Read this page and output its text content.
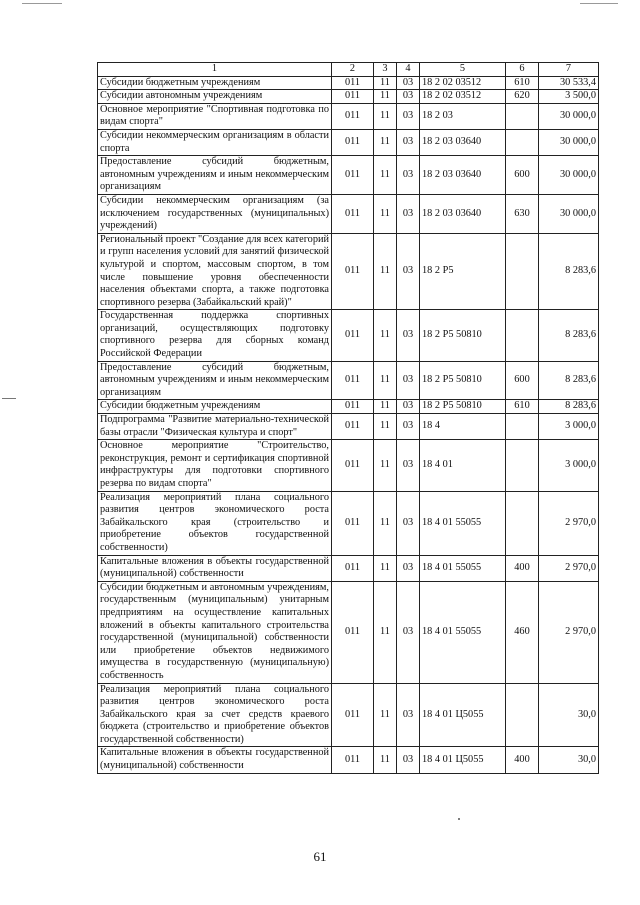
1	2	3	4	5	6	7
Субсидии бюджетным учреждениям	011	11	03	18 2 02 03512	610	30 533,4
Субсидии автономным учреждениям	011	11	03	18 2 02 03512	620	3 500,0
Основное мероприятие "Спортивная подготовка по видам спорта"	011	11	03	18 2 03		30 000,0
Субсидии некоммерческим организациям в области спорта	011	11	03	18 2 03 03640		30 000,0
Предоставление субсидий бюджетным, автономным учреждениям и иным некоммерческим организациям	011	11	03	18 2 03 03640	600	30 000,0
Субсидии некоммерческим организациям (за исключением государственных (муниципальных) учреждений)	011	11	03	18 2 03 03640	630	30 000,0
Региональный проект "Создание для всех категорий и групп населения условий для занятий физической культурой и спортом, массовым спортом, в том числе повышение уровня обеспеченности населения объектами спорта, а также подготовка спортивного резерва (Забайкальский край)"	011	11	03	18 2 P5		8 283,6
Государственная поддержка спортивных организаций, осуществляющих подготовку спортивного резерва для сборных команд Российской Федерации	011	11	03	18 2 P5 50810		8 283,6
Предоставление субсидий бюджетным, автономным учреждениям и иным некоммерческим организациям	011	11	03	18 2 P5 50810	600	8 283,6
Субсидии бюджетным учреждениям	011	11	03	18 2 P5 50810	610	8 283,6
Подпрограмма "Развитие материально-технической базы отрасли "Физическая культура и спорт"	011	11	03	18 4		3 000,0
Основное мероприятие "Строительство, реконструкция, ремонт и сертификация спортивной инфраструктуры для подготовки спортивного резерва по видам спорта"	011	11	03	18 4 01		3 000,0
Реализация мероприятий плана социального развития центров экономического роста Забайкальского края (строительство и приобретение объектов государственной собственности)	011	11	03	18 4 01 55055		2 970,0
Капитальные вложения в объекты государственной (муниципальной) собственности	011	11	03	18 4 01 55055	400	2 970,0
Субсидии бюджетным и автономным учреждениям, государственным (муниципальным) унитарным предприятиям на осуществление капитальных вложений в объекты капитального строительства государственной (муниципальной) собственности или приобретение объектов недвижимого имущества в государственную (муниципальную) собственность	011	11	03	18 4 01 55055	460	2 970,0
Реализация мероприятий плана социального развития центров экономического роста Забайкальского края за счет средств краевого бюджета (строительство и приобретение объектов государственной собственности)	011	11	03	18 4 01 Ц5055		30,0
Капитальные вложения в объекты государственной (муниципальной) собственности	011	11	03	18 4 01 Ц5055	400	30,0
61
